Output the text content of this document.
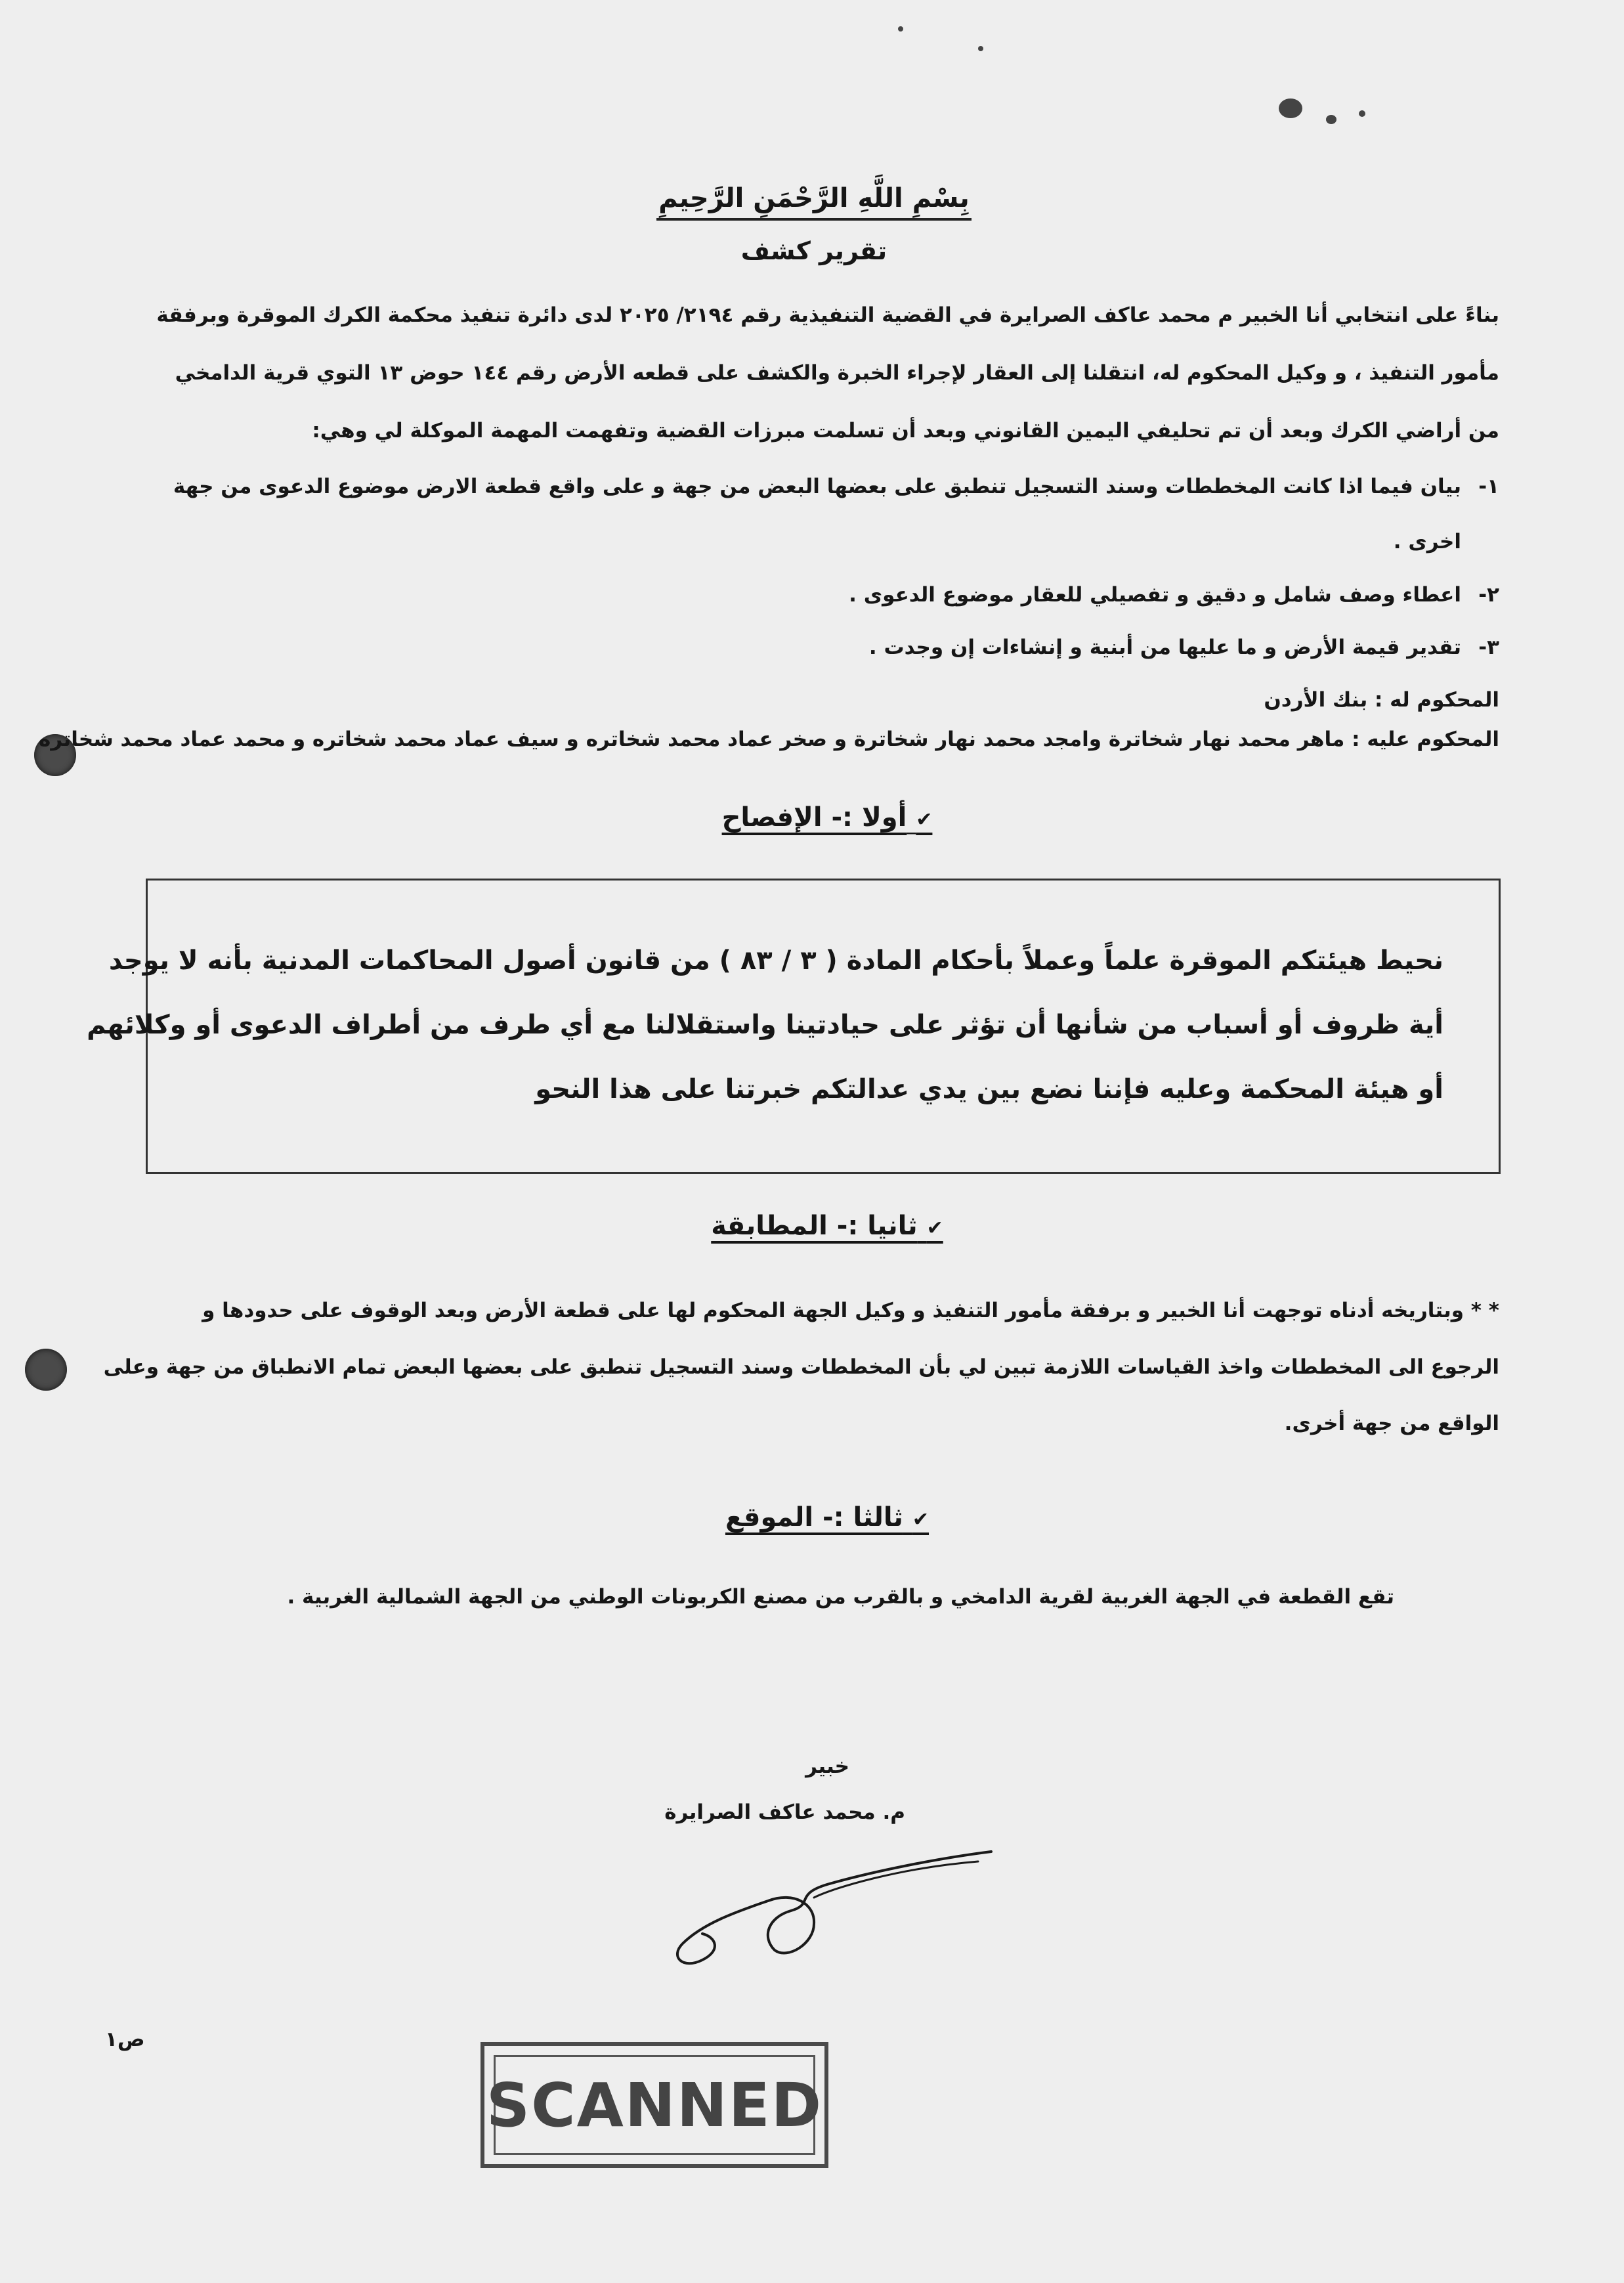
بِسْمِ اللَّهِ الرَّحْمَنِ الرَّحِيمِ
تقرير كشف
بناءً على انتخابي أنا الخبير م محمد عاكف الصرايرة في القضية التنفيذية رقم ٢١٩٤/ ٢٠٢٥ لدى دائرة تنفيذ محكمة الكرك الموقرة وبرفقة
مأمور التنفيذ ، و وكيل المحكوم له، انتقلنا إلى العقار لإجراء الخبرة والكشف على قطعه الأرض رقم ١٤٤ حوض ١٣ التوي قرية الدامخي
من أراضي الكرك وبعد أن تم تحليفي اليمين القانوني وبعد أن تسلمت مبرزات القضية وتفهمت المهمة الموكلة لي وهي:
١-
بيان فيما اذا كانت المخططات وسند التسجيل تنطبق على بعضها البعض من جهة و على واقع قطعة الارض موضوع الدعوى من جهة
اخرى .
٢-
اعطاء وصف شامل و دقيق و تفصيلي للعقار موضوع الدعوى .
٣-
تقدير قيمة الأرض و ما عليها من أبنية و إنشاءات إن وجدت .
المحكوم له : بنك الأردن
المحكوم عليه : ماهر محمد نهار شخاترة وامجد محمد نهار شخاترة و صخر عماد محمد شخاتره و سيف عماد محمد شخاتره و محمد عماد محمد شخاتره
✔ أولا :- الإفصاح
نحيط هيئتكم الموقرة علماً وعملاً بأحكام المادة ( ٣ / ٨٣ ) من قانون أصول المحاكمات المدنية بأنه لا يوجد
أية ظروف أو أسباب من شأنها أن تؤثر على حيادتينا واستقلالنا مع أي طرف من أطراف الدعوى أو وكلائهم
أو هيئة المحكمة وعليه فإننا نضع بين يدي عدالتكم خبرتنا على هذا النحو
✔ ثانيا :- المطابقة
* * وبتاريخه أدناه توجهت أنا الخبير و برفقة مأمور التنفيذ و وكيل الجهة المحكوم لها على قطعة الأرض وبعد الوقوف على حدودها و
الرجوع الى المخططات واخذ القياسات اللازمة تبين لي بأن المخططات وسند التسجيل تنطبق على بعضها البعض تمام الانطباق من جهة وعلى
الواقع من جهة أخرى.
✔ ثالثا :- الموقع
تقع القطعة في الجهة الغربية لقرية الدامخي و بالقرب من مصنع الكربونات الوطني من الجهة الشمالية الغربية .
خبير
م. محمد عاكف الصرايرة
ص١
SCANNED
